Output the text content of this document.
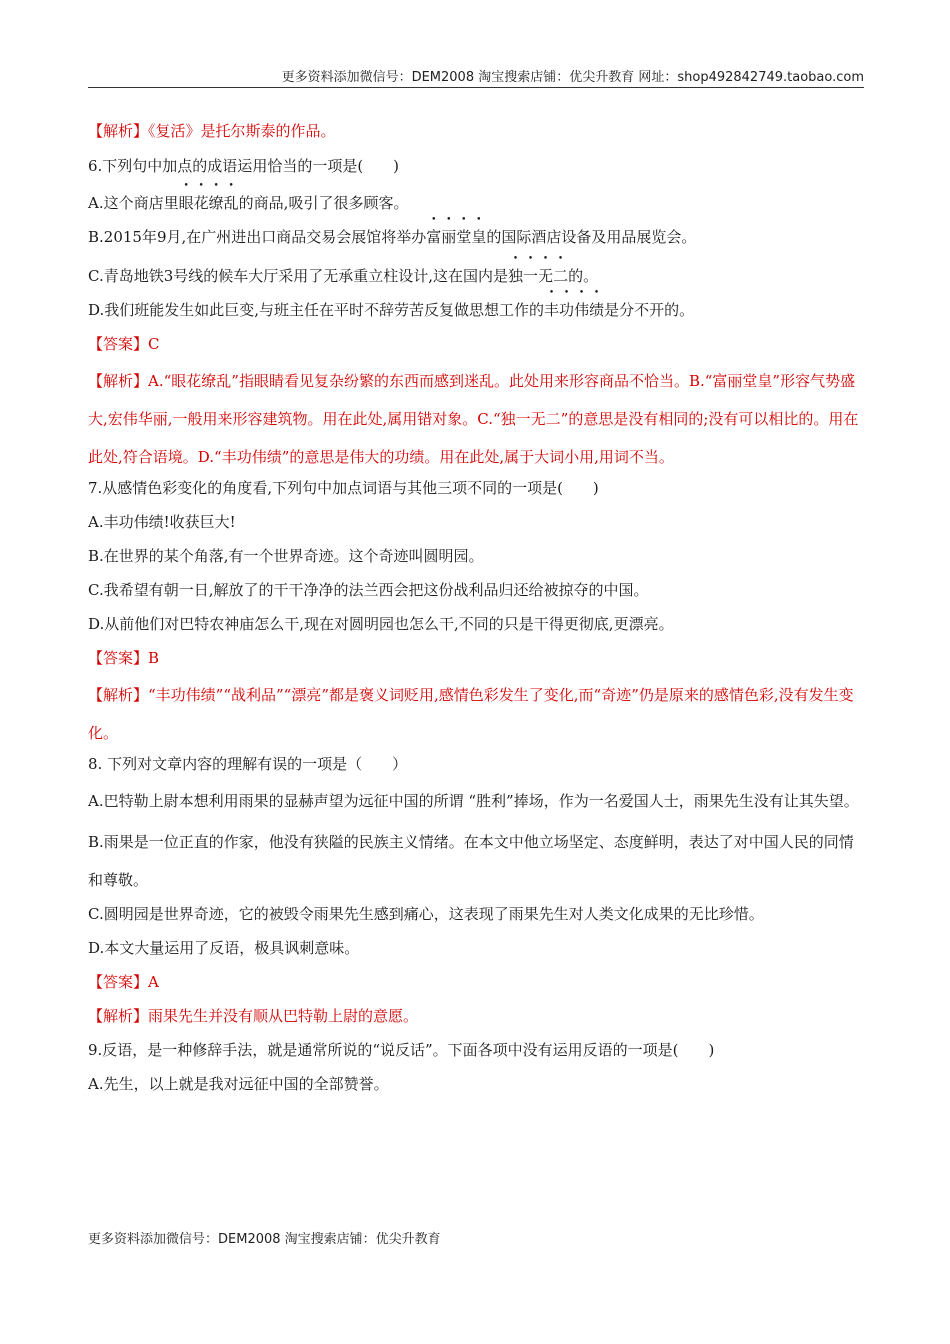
更多资料添加微信号：DEM2008 淘宝搜索店铺：优尖升教育 网址：shop492842749.taobao.com

【解析】《复活》是托尔斯泰的作品。

6.下列句中加点的成语运用恰当的一项是(　　)

A.这个商店里眼花缭乱的商品,吸引了很多顾客。

B.2015年9月,在广州进出口商品交易会展馆将举办富丽堂皇的国际酒店设备及用品展览会。

C.青岛地铁3号线的候车大厅采用了无承重立柱设计,这在国内是独一无二的。

D.我们班能发生如此巨变,与班主任在平时不辞劳苦反复做思想工作的丰功伟绩是分不开的。

【答案】C

【解析】A.“眼花缭乱”指眼睛看见复杂纷繁的东西而感到迷乱。此处用来形容商品不恰当。B.“富丽堂皇”形容气势盛大,宏伟华丽,一般用来形容建筑物。用在此处,属用错对象。C.“独一无二”的意思是没有相同的;没有可以相比的。用在此处,符合语境。D.“丰功伟绩”的意思是伟大的功绩。用在此处,属于大词小用,用词不当。

7.从感情色彩变化的角度看,下列句中加点词语与其他三项不同的一项是(　　)

A.丰功伟绩!收获巨大!

B.在世界的某个角落,有一个世界奇迹。这个奇迹叫圆明园。

C.我希望有朝一日,解放了的干干净净的法兰西会把这份战利品归还给被掠夺的中国。

D.从前他们对巴特农神庙怎么干,现在对圆明园也怎么干,不同的只是干得更彻底,更漂亮。

【答案】B

【解析】“丰功伟绩”“战利品”“漂亮”都是褒义词贬用,感情色彩发生了变化,而“奇迹”仍是原来的感情色彩,没有发生变化。

8. 下列对文章内容的理解有误的一项是（　　）

A.巴特勒上尉本想利用雨果的显赫声望为远征中国的所谓 “胜利”捧场，作为一名爱国人士，雨果先生没有让其失望。

B.雨果是一位正直的作家，他没有狭隘的民族主义情绪。在本文中他立场坚定、态度鲜明，表达了对中国人民的同情和尊敬。

C.圆明园是世界奇迹，它的被毁令雨果先生感到痛心，这表现了雨果先生对人类文化成果的无比珍惜。

D.本文大量运用了反语，极具讽刺意味。

【答案】A

【解析】雨果先生并没有顺从巴特勒上尉的意愿。

9.反语，是一种修辞手法，就是通常所说的“说反话”。下面各项中没有运用反语的一项是(　　)

A.先生，以上就是我对远征中国的全部赞誉。

更多资料添加微信号：DEM2008 淘宝搜索店铺：优尖升教育
